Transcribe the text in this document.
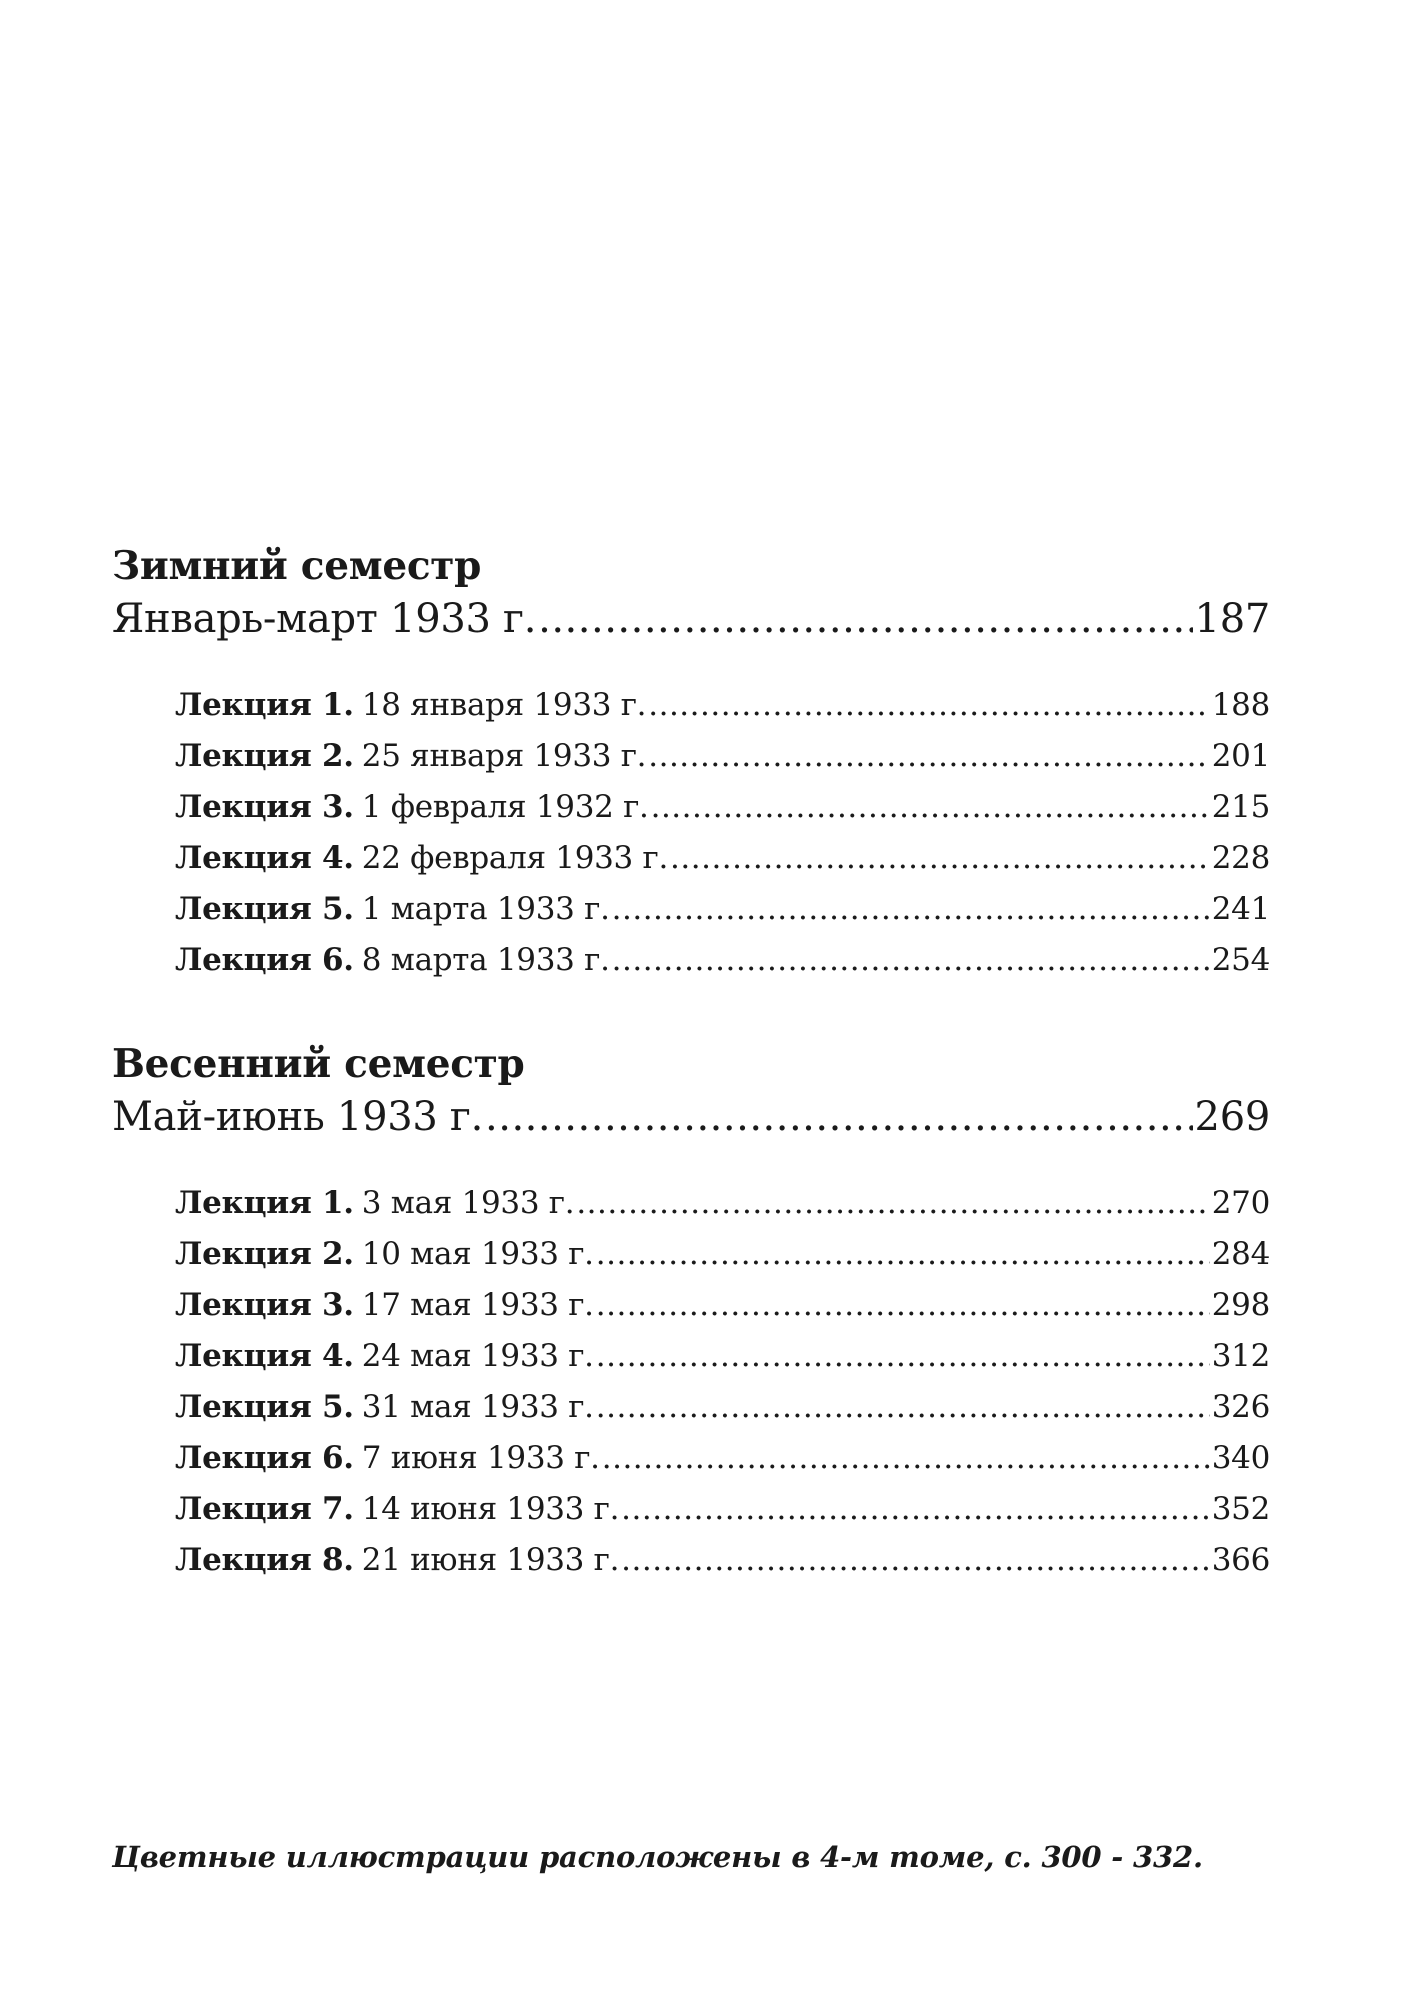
Зимний семестр
Январь-март 1933 г. .....	187
Лекция 1. 18 января 1933 г. .....	188
Лекция 2. 25 января 1933 г. .....	201
Лекция 3. 1 февраля 1932 г. .....	215
Лекция 4. 22 февраля 1933 г. .....	228
Лекция 5. 1 марта 1933 г. .....	241
Лекция 6. 8 марта 1933 г. .....	254
Весенний семестр
Май-июнь 1933 г. .....	269
Лекция 1. 3 мая 1933 г. .....	270
Лекция 2. 10 мая 1933 г. .....	284
Лекция 3. 17 мая 1933 г. .....	298
Лекция 4. 24 мая 1933 г. .....	312
Лекция 5. 31 мая 1933 г. .....	326
Лекция 6. 7 июня 1933 г. .....	340
Лекция 7. 14 июня 1933 г. .....	352
Лекция 8. 21 июня 1933 г. .....	366
Цветные иллюстрации расположены в 4-м томе, с. 300 - 332.
